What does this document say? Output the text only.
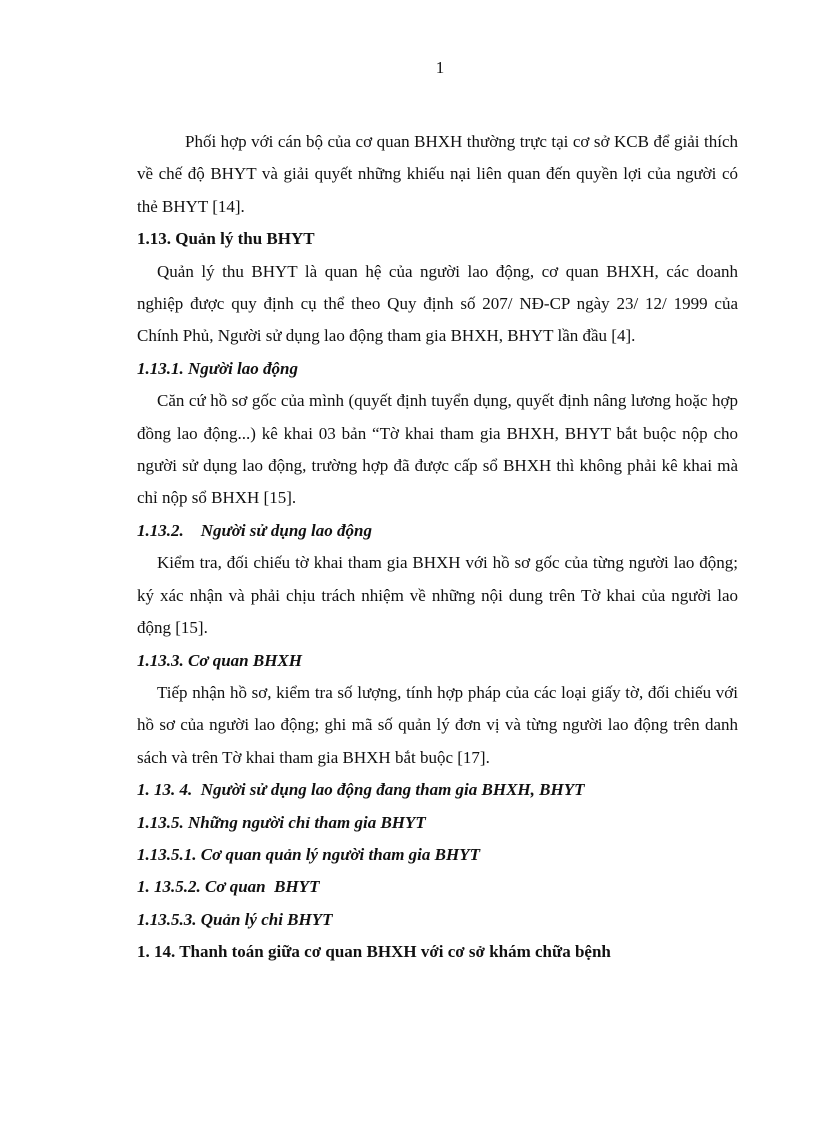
1

Phối hợp với cán bộ của cơ quan BHXH thường trực tại cơ sở KCB để giải thích về chế độ BHYT và giải quyết những khiếu nại liên quan đến quyền lợi của người có thẻ BHYT [14].

1.13. Quản lý thu BHYT

Quản lý thu BHYT là quan hệ của người lao động, cơ quan BHXH, các doanh nghiệp được quy định cụ thể theo Quy định số 207/ NĐ-CP ngày 23/ 12/ 1999 của Chính Phủ, Người sử dụng lao động tham gia BHXH, BHYT lần đầu [4].

1.13.1. Người lao động

Căn cứ hồ sơ gốc của mình (quyết định tuyển dụng, quyết định nâng lương hoặc hợp đồng lao động...) kê khai 03 bản “Tờ khai tham gia BHXH, BHYT bắt buộc nộp cho người sử dụng lao động, trường hợp đã được cấp sổ BHXH thì không phải kê khai mà chỉ nộp sổ BHXH [15].

1.13.2.    Người sử dụng lao động

Kiểm tra, đối chiếu tờ khai tham gia BHXH với hồ sơ gốc của từng người lao động; ký xác nhận và phải chịu trách nhiệm về những nội dung trên Tờ khai của người lao động [15].

1.13.3. Cơ quan BHXH

Tiếp nhận hồ sơ, kiểm tra số lượng, tính hợp pháp của các loại giấy tờ, đối chiếu với hồ sơ của người lao động; ghi mã số quản lý đơn vị và từng người lao động trên danh sách và trên Tờ khai tham gia BHXH bắt buộc [17].

1. 13. 4.  Người sử dụng lao động đang tham gia BHXH, BHYT

1.13.5. Những người chỉ tham gia BHYT

1.13.5.1. Cơ quan quản lý người tham gia BHYT

1. 13.5.2. Cơ quan  BHYT

1.13.5.3. Quản lý chi BHYT

1. 14. Thanh toán giữa cơ quan BHXH với cơ sở khám chữa bệnh
